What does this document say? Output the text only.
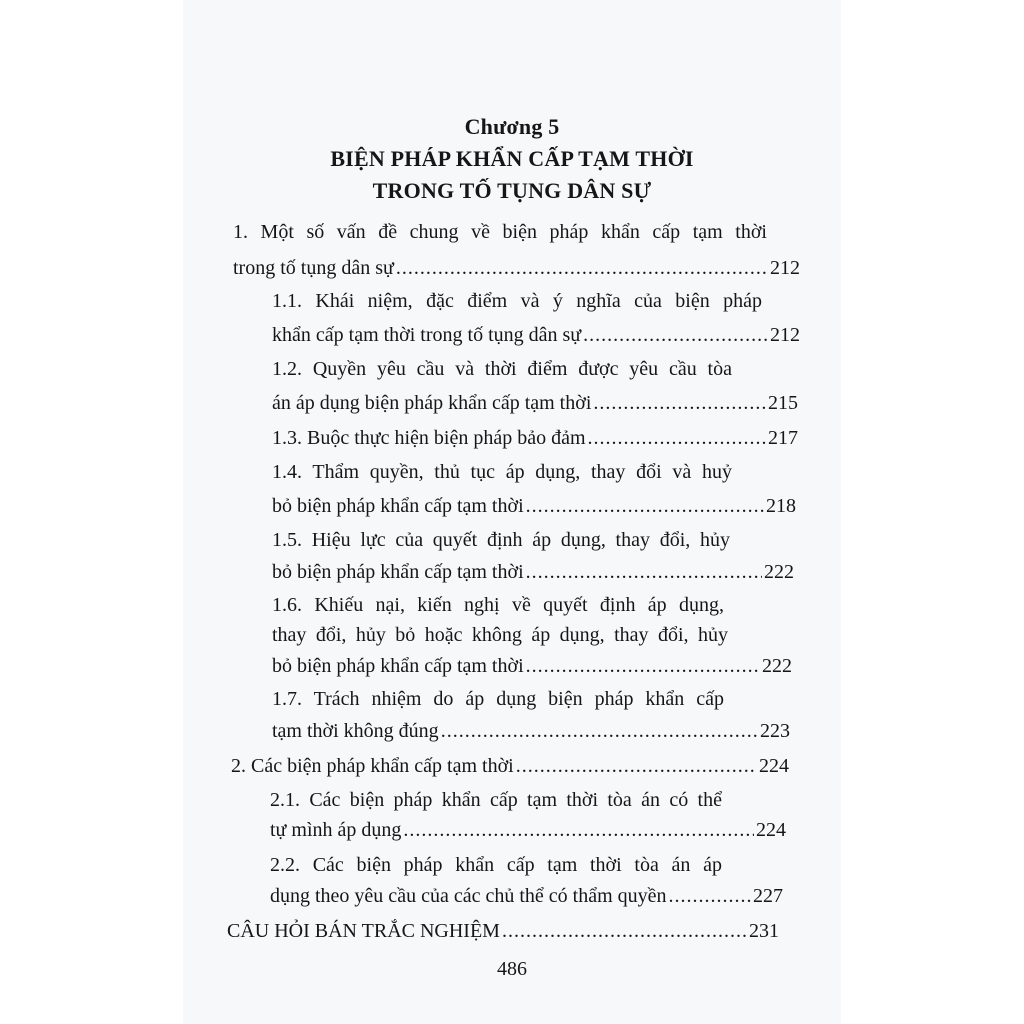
Chương 5
BIỆN PHÁP KHẨN CẤP TẠM THỜI
TRONG TỐ TỤNG DÂN SỰ
1. Một số vấn đề chung về biện pháp khẩn cấp tạm thời
trong tố tụng dân sự .....	212
1.1. Khái niệm, đặc điểm và ý nghĩa của biện pháp
khẩn cấp tạm thời trong tố tụng dân sự .....	212
1.2. Quyền yêu cầu và thời điểm được yêu cầu tòa
án áp dụng biện pháp khẩn cấp tạm thời .....	215
1.3. Buộc thực hiện biện pháp bảo đảm .....	217
1.4. Thẩm quyền, thủ tục áp dụng, thay đổi và huỷ
bỏ biện pháp khẩn cấp tạm thời .....	218
1.5. Hiệu lực của quyết định áp dụng, thay đổi, hủy
bỏ biện pháp khẩn cấp tạm thời .....	222
1.6. Khiếu nại, kiến nghị về quyết định áp dụng,
thay đổi, hủy bỏ hoặc không áp dụng, thay đổi, hủy
bỏ biện pháp khẩn cấp tạm thời .....	222
1.7. Trách nhiệm do áp dụng biện pháp khẩn cấp
tạm thời không đúng .....	223
2. Các biện pháp khẩn cấp tạm thời .....	224
2.1. Các biện pháp khẩn cấp tạm thời tòa án có thể
tự mình áp dụng .....	224
2.2. Các biện pháp khẩn cấp tạm thời tòa án áp
dụng theo yêu cầu của các chủ thể có thẩm quyền .....	227
CÂU HỎI BÁN TRẮC NGHIỆM .....	231
486
